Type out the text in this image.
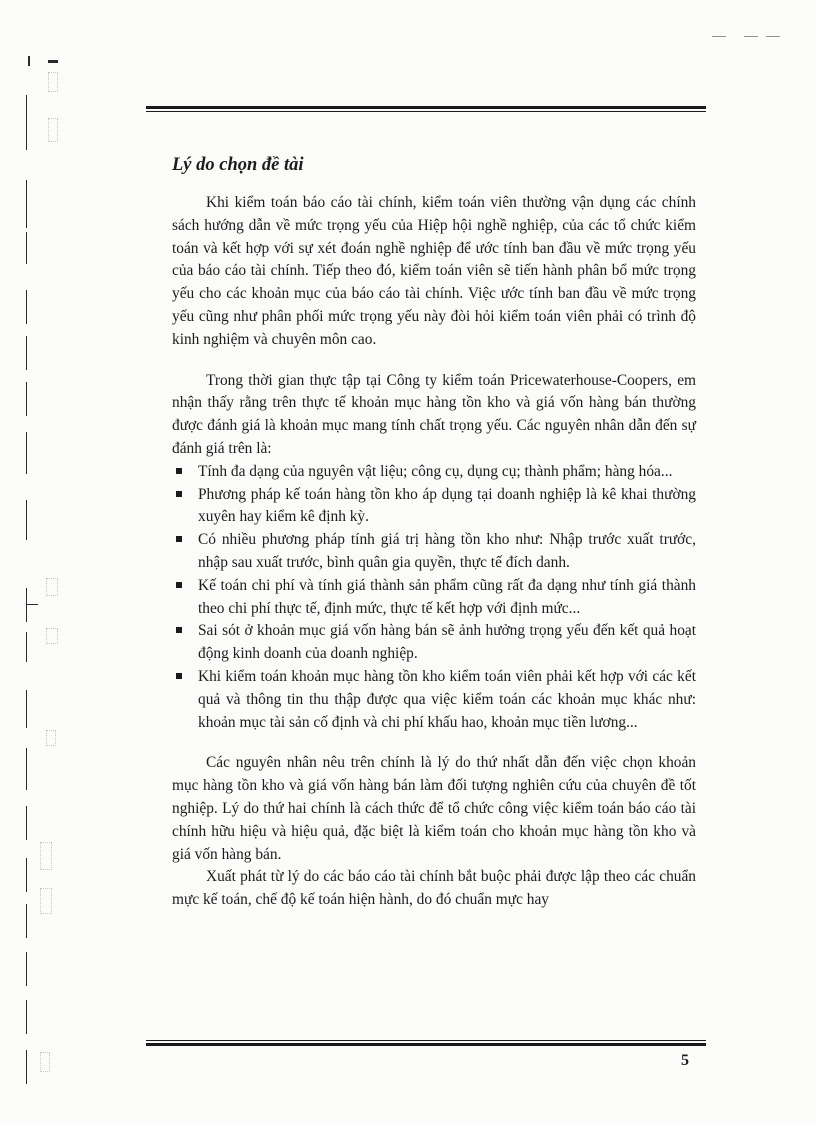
Lý do chọn đề tài

Khi kiểm toán báo cáo tài chính, kiểm toán viên thường vận dụng các chính sách hướng dẫn về mức trọng yếu của Hiệp hội nghề nghiệp, của các tổ chức kiểm toán và kết hợp với sự xét đoán nghề nghiệp để ước tính ban đầu về mức trọng yếu của báo cáo tài chính. Tiếp theo đó, kiểm toán viên sẽ tiến hành phân bổ mức trọng yếu cho các khoản mục của báo cáo tài chính. Việc ước tính ban đầu về mức trọng yếu cũng như phân phối mức trọng yếu này đòi hỏi kiểm toán viên phải có trình độ kinh nghiệm và chuyên môn cao.

Trong thời gian thực tập tại Công ty kiểm toán Pricewaterhouse-Coopers, em nhận thấy rằng trên thực tế khoản mục hàng tồn kho và giá vốn hàng bán thường được đánh giá là khoản mục mang tính chất trọng yếu. Các nguyên nhân dẫn đến sự đánh giá trên là:

Tính đa dạng của nguyên vật liệu; công cụ, dụng cụ; thành phẩm; hàng hóa...
Phương pháp kế toán hàng tồn kho áp dụng tại doanh nghiệp là kê khai thường xuyên hay kiểm kê định kỳ.
Có nhiều phương pháp tính giá trị hàng tồn kho như: Nhập trước xuất trước, nhập sau xuất trước, bình quân gia quyền, thực tế đích danh.
Kế toán chi phí và tính giá thành sản phẩm cũng rất đa dạng như tính giá thành theo chi phí thực tế, định mức, thực tế kết hợp với định mức...
Sai sót ở khoản mục giá vốn hàng bán sẽ ảnh hưởng trọng yếu đến kết quả hoạt động kinh doanh của doanh nghiệp.
Khi kiểm toán khoản mục hàng tồn kho kiểm toán viên phải kết hợp với các kết quả và thông tin thu thập được qua việc kiểm toán các khoản mục khác như: khoản mục tài sản cố định và chi phí khấu hao, khoản mục tiền lương...

Các nguyên nhân nêu trên chính là lý do thứ nhất dẫn đến việc chọn khoản mục hàng tồn kho và giá vốn hàng bán làm đối tượng nghiên cứu của chuyên đề tốt nghiệp. Lý do thứ hai chính là cách thức để tổ chức công việc kiểm toán báo cáo tài chính hữu hiệu và hiệu quả, đặc biệt là kiểm toán cho khoản mục hàng tồn kho và giá vốn hàng bán.

Xuất phát từ lý do các báo cáo tài chính bắt buộc phải được lập theo các chuẩn mực kế toán, chế độ kế toán hiện hành, do đó chuẩn mực hay

5
